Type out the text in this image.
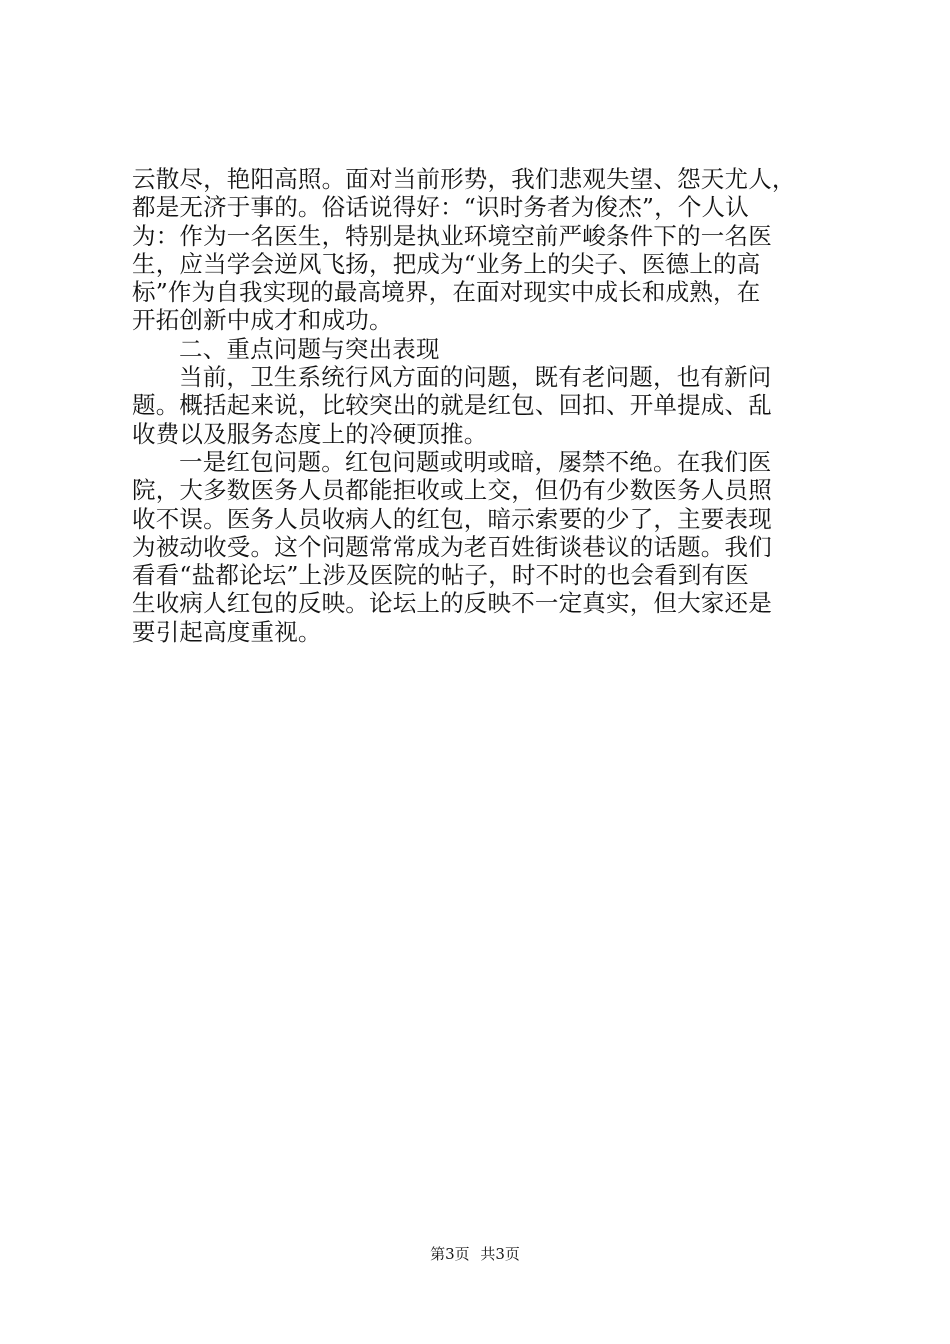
云散尽，艳阳高照。面对当前形势，我们悲观失望、怨天尤人，
都是无济于事的。俗话说得好：“识时务者为俊杰”，个人认
为：作为一名医生，特别是执业环境空前严峻条件下的一名医
生，应当学会逆风飞扬，把成为“业务上的尖子、医德上的高
标”作为自我实现的最高境界，在面对现实中成长和成熟，在
开拓创新中成才和成功。
二、重点问题与突出表现
当前，卫生系统行风方面的问题，既有老问题，也有新问
题。概括起来说，比较突出的就是红包、回扣、开单提成、乱
收费以及服务态度上的冷硬顶推。
一是红包问题。红包问题或明或暗，屡禁不绝。在我们医
院，大多数医务人员都能拒收或上交，但仍有少数医务人员照
收不误。医务人员收病人的红包，暗示索要的少了，主要表现
为被动收受。这个问题常常成为老百姓街谈巷议的话题。我们
看看“盐都论坛”上涉及医院的帖子，时不时的也会看到有医
生收病人红包的反映。论坛上的反映不一定真实，但大家还是
要引起高度重视。
第3页 共3页
